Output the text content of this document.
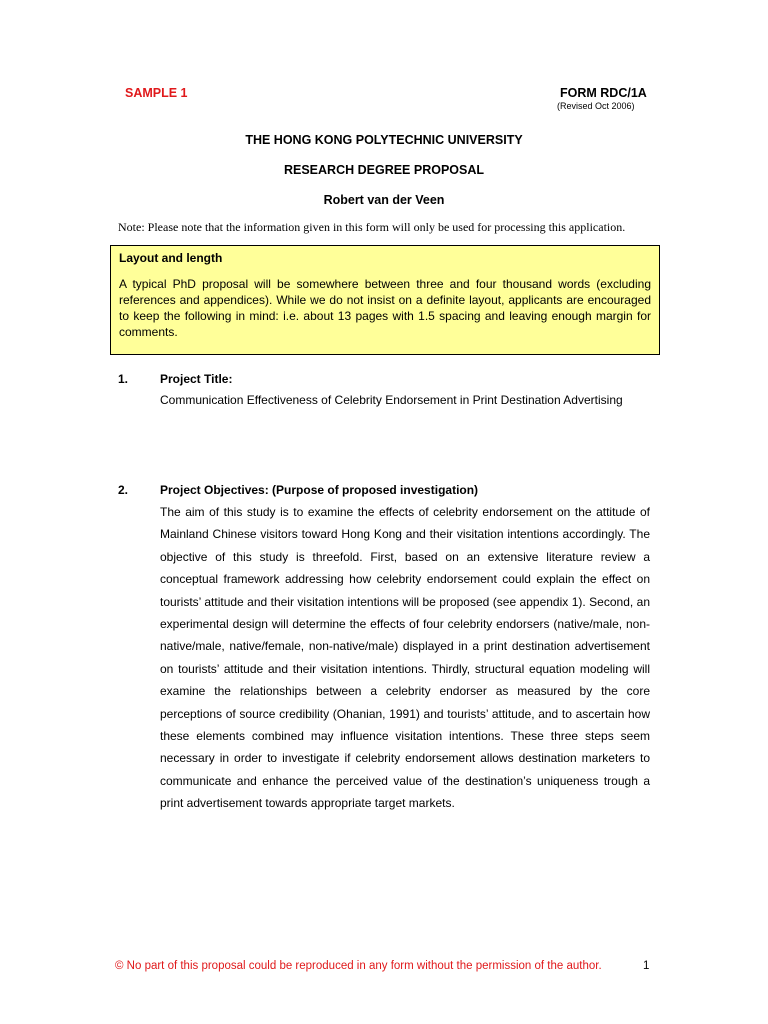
SAMPLE 1	FORM RDC/1A
(Revised Oct 2006)
THE HONG KONG POLYTECHNIC UNIVERSITY
RESEARCH DEGREE PROPOSAL
Robert van der Veen
Note: Please note that the information given in this form will only be used for processing this application.

Layout and length

A typical PhD proposal will be somewhere between three and four thousand words (excluding references and appendices). While we do not insist on a definite layout, applicants are encouraged to keep the following in mind: i.e. about 13 pages with 1.5 spacing and leaving enough margin for comments.

1.	Project Title:

Communication Effectiveness of Celebrity Endorsement in Print Destination Advertising

2.	Project Objectives: (Purpose of proposed investigation)

The aim of this study is to examine the effects of celebrity endorsement on the attitude of Mainland Chinese visitors toward Hong Kong and their visitation intentions accordingly. The objective of this study is threefold. First, based on an extensive literature review a conceptual framework addressing how celebrity endorsement could explain the effect on tourists’ attitude and their visitation intentions will be proposed (see appendix 1). Second, an experimental design will determine the effects of four celebrity endorsers (native/male, non-native/male, native/female, non-native/male) displayed in a print destination advertisement on tourists’ attitude and their visitation intentions. Thirdly, structural equation modeling will examine the relationships between a celebrity endorser as measured by the core perceptions of source credibility (Ohanian, 1991) and tourists’ attitude, and to ascertain how these elements combined may influence visitation intentions. These three steps seem necessary in order to investigate if celebrity endorsement allows destination marketers to communicate and enhance the perceived value of the destination’s uniqueness trough a print advertisement towards appropriate target markets.

© No part of this proposal could be reproduced in any form without the permission of the author.	1
